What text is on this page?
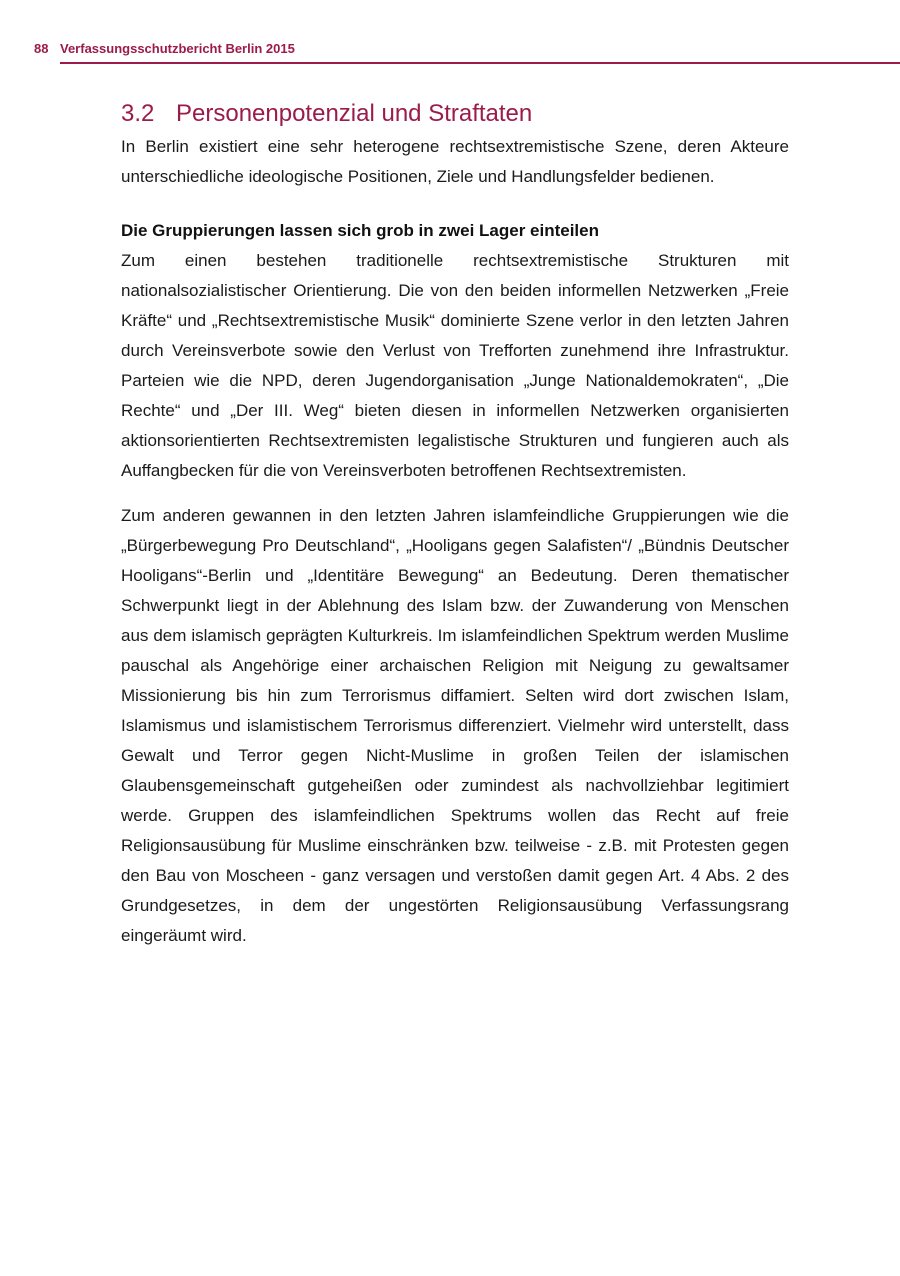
88 Verfassungsschutzbericht Berlin 2015
3.2 Personenpotenzial und Straftaten

In Berlin existiert eine sehr heterogene rechtsextremistische Szene, deren Akteure unterschiedliche ideologische Positionen, Ziele und Handlungsfelder bedienen.

Die Gruppierungen lassen sich grob in zwei Lager einteilen

Zum einen bestehen traditionelle rechtsextremistische Strukturen mit nationalsozialistischer Orientierung. Die von den beiden informellen Netzwerken „Freie Kräfte“ und „Rechtsextremistische Musik“ dominierte Szene verlor in den letzten Jahren durch Vereinsverbote sowie den Verlust von Trefforten zunehmend ihre Infrastruktur. Parteien wie die NPD, deren Jugendorganisation „Junge Nationaldemokraten“, „Die Rechte“ und „Der III. Weg“ bieten diesen in informellen Netzwerken organisierten aktionsorientierten Rechtsextremisten legalistische Strukturen und fungieren auch als Auffangbecken für die von Vereinsverboten betroffenen Rechtsextremisten.

Zum anderen gewannen in den letzten Jahren islamfeindliche Gruppierungen wie die „Bürgerbewegung Pro Deutschland“, „Hooligans gegen Salafisten“/ „Bündnis Deutscher Hooligans“-Berlin und „Identitäre Bewegung“ an Bedeutung. Deren thematischer Schwerpunkt liegt in der Ablehnung des Islam bzw. der Zuwanderung von Menschen aus dem islamisch geprägten Kulturkreis. Im islamfeindlichen Spektrum werden Muslime pauschal als Angehörige einer archaischen Religion mit Neigung zu gewaltsamer Missionierung bis hin zum Terrorismus diffamiert. Selten wird dort zwischen Islam, Islamismus und islamistischem Terrorismus differenziert. Vielmehr wird unterstellt, dass Gewalt und Terror gegen Nicht-Muslime in großen Teilen der islamischen Glaubensgemeinschaft gutgeheißen oder zumindest als nachvollziehbar legitimiert werde. Gruppen des islamfeindlichen Spektrums wollen das Recht auf freie Religionsausübung für Muslime einschränken bzw. teilweise - z.B. mit Protesten gegen den Bau von Moscheen - ganz versagen und verstoßen damit gegen Art. 4 Abs. 2 des Grundgesetzes, in dem der ungestörten Religionsausübung Verfassungsrang eingeräumt wird.
